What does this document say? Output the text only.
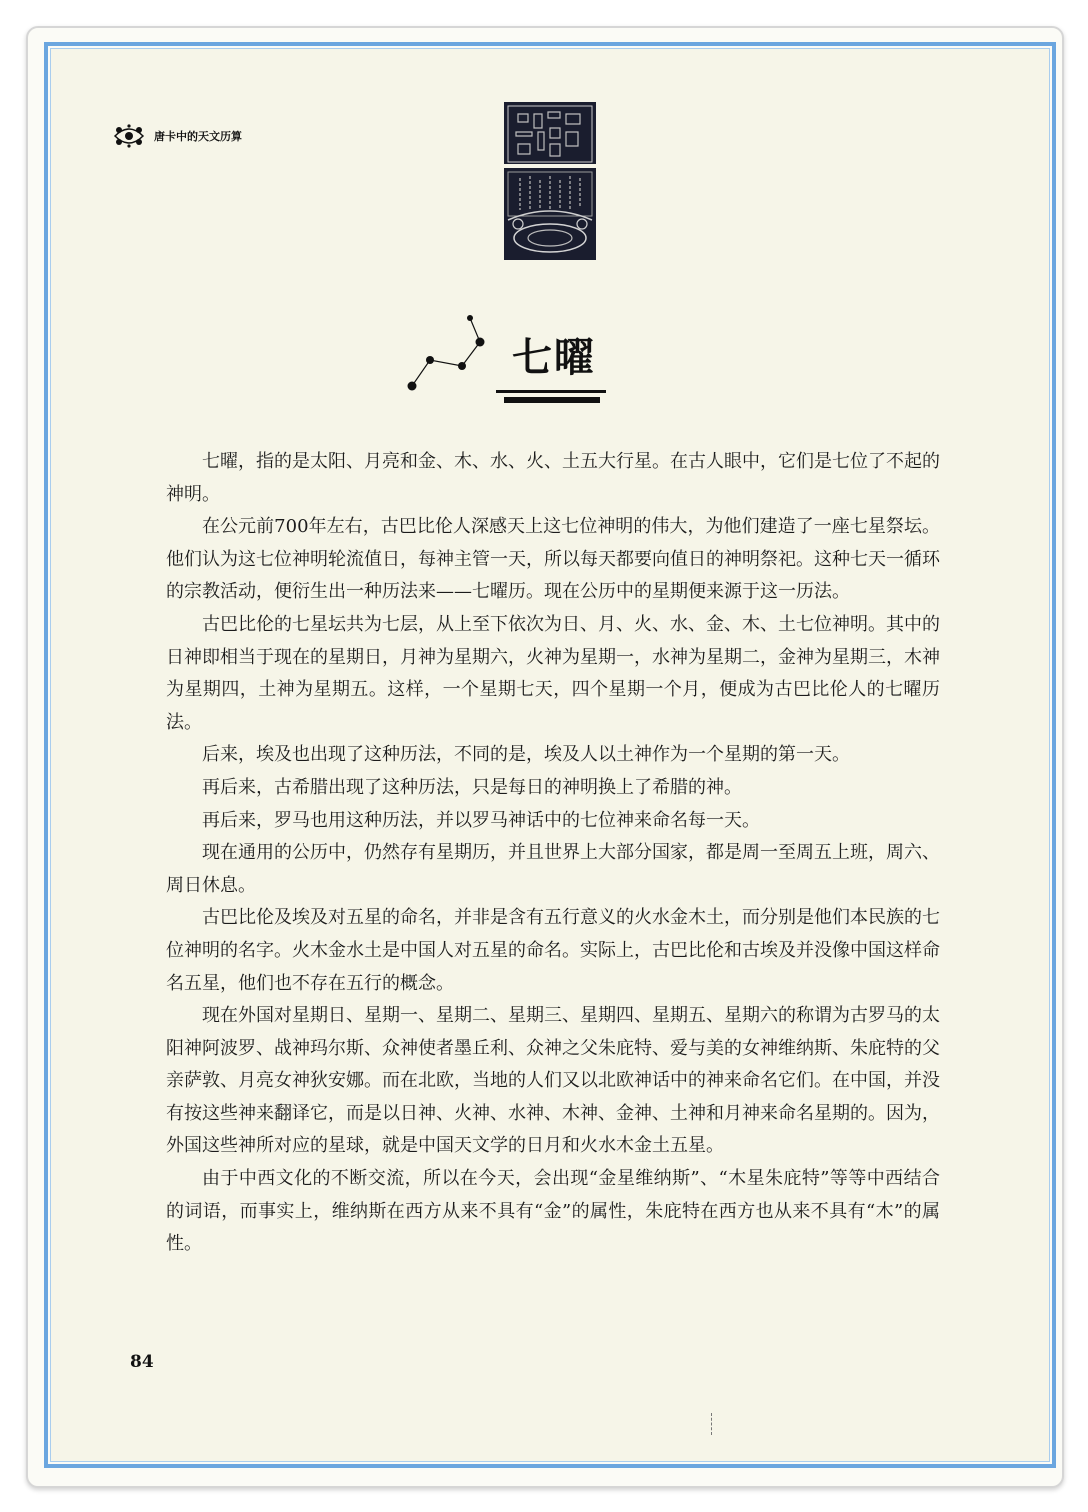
唐卡中的天文历算
七曜

七曜，指的是太阳、月亮和金、木、水、火、土五大行星。在古人眼中，它们是七位了不起的神明。

在公元前700年左右，古巴比伦人深感天上这七位神明的伟大，为他们建造了一座七星祭坛。他们认为这七位神明轮流值日，每神主管一天，所以每天都要向值日的神明祭祀。这种七天一循环的宗教活动，便衍生出一种历法来——七曜历。现在公历中的星期便来源于这一历法。

古巴比伦的七星坛共为七层，从上至下依次为日、月、火、水、金、木、土七位神明。其中的日神即相当于现在的星期日，月神为星期六，火神为星期一，水神为星期二，金神为星期三，木神为星期四，土神为星期五。这样，一个星期七天，四个星期一个月，便成为古巴比伦人的七曜历法。

后来，埃及也出现了这种历法，不同的是，埃及人以土神作为一个星期的第一天。

再后来，古希腊出现了这种历法，只是每日的神明换上了希腊的神。

再后来，罗马也用这种历法，并以罗马神话中的七位神来命名每一天。

现在通用的公历中，仍然存有星期历，并且世界上大部分国家，都是周一至周五上班，周六、周日休息。

古巴比伦及埃及对五星的命名，并非是含有五行意义的火水金木土，而分别是他们本民族的七位神明的名字。火木金水土是中国人对五星的命名。实际上，古巴比伦和古埃及并没像中国这样命名五星，他们也不存在五行的概念。

现在外国对星期日、星期一、星期二、星期三、星期四、星期五、星期六的称谓为古罗马的太阳神阿波罗、战神玛尔斯、众神使者墨丘利、众神之父朱庇特、爱与美的女神维纳斯、朱庇特的父亲萨敦、月亮女神狄安娜。而在北欧，当地的人们又以北欧神话中的神来命名它们。在中国，并没有按这些神来翻译它，而是以日神、火神、水神、木神、金神、土神和月神来命名星期的。因为，外国这些神所对应的星球，就是中国天文学的日月和火水木金土五星。

由于中西文化的不断交流，所以在今天，会出现“金星维纳斯”、“木星朱庇特”等等中西结合的词语，而事实上，维纳斯在西方从来不具有“金”的属性，朱庇特在西方也从来不具有“木”的属性。

84
